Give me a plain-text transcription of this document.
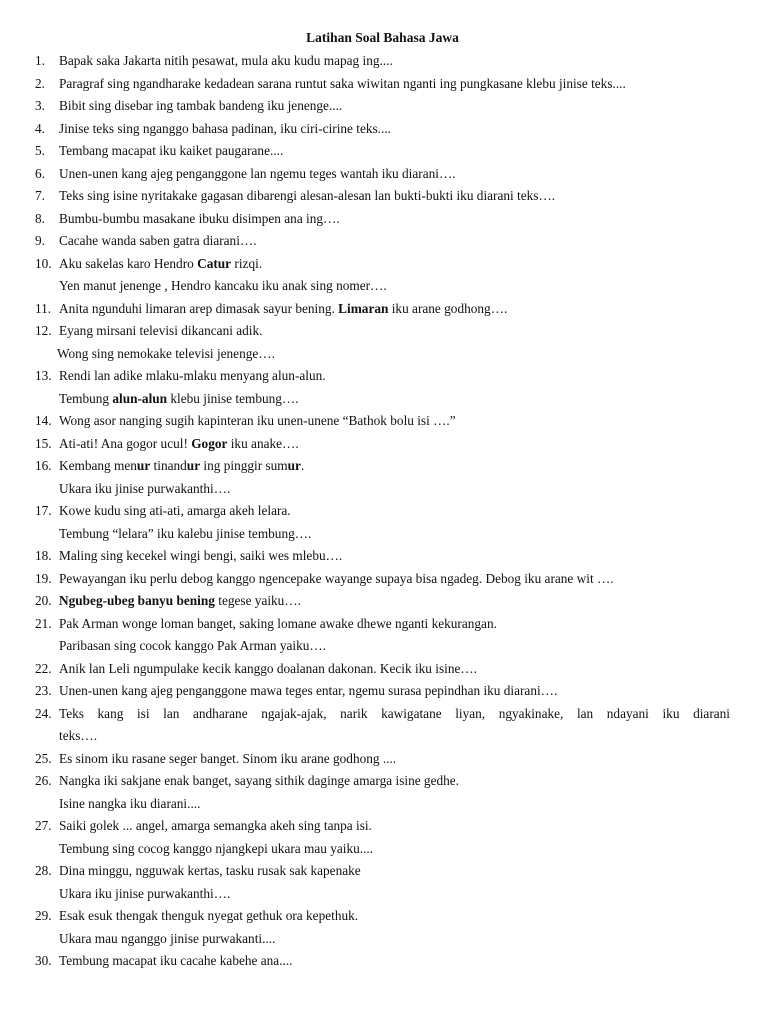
Latihan Soal Bahasa Jawa
1.	Bapak saka Jakarta nitih pesawat, mula aku kudu mapag ing....
2.	Paragraf sing ngandharake kedadean sarana runtut saka wiwitan nganti ing pungkasane klebu jinise teks....
3.	Bibit sing disebar ing tambak bandeng iku jenenge....
4.	Jinise teks sing nganggo bahasa padinan, iku ciri-cirine teks....
5.	Tembang macapat iku kaiket paugarane....
6.	Unen-unen kang ajeg penganggone lan ngemu teges wantah iku diarani….
7.	Teks sing isine nyritakake gagasan dibarengi alesan-alesan lan bukti-bukti iku diarani teks….
8.	Bumbu-bumbu masakane ibuku disimpen ana ing….
9.	Cacahe wanda saben gatra diarani….
10. Aku sakelas karo Hendro Catur rizqi.
Yen manut jenenge , Hendro kancaku iku anak sing nomer….
11. Anita ngunduhi limaran arep dimasak sayur bening. Limaran iku arane godhong….
12. Eyang mirsani televisi dikancani adik.
Wong sing nemokake televisi jenenge….
13. Rendi lan adike mlaku-mlaku menyang alun-alun.
Tembung alun-alun klebu jinise tembung….
14. Wong asor nanging sugih kapinteran iku unen-unene “Bathok bolu isi ….”
15. Ati-ati! Ana gogor ucul! Gogor iku anake….
16. Kembang menur tinandur ing pinggir sumur.
Ukara iku jinise purwakanthi….
17. Kowe kudu sing ati-ati, amarga akeh lelara.
Tembung “lelara” iku kalebu jinise tembung….
18. Maling sing kecekel wingi bengi, saiki wes mlebu….
19. Pewayangan iku perlu debog kanggo ngencepake wayange supaya bisa ngadeg. Debog iku arane wit ….
20. Ngubeg-ubeg banyu bening tegese yaiku….
21. Pak Arman wonge loman banget, saking lomane awake dhewe nganti kekurangan.
Paribasan sing cocok kanggo Pak Arman yaiku….
22. Anik lan Leli ngumpulake kecik kanggo doalanan dakonan. Kecik iku isine….
23. Unen-unen kang ajeg penganggone mawa teges entar, ngemu surasa pepindhan iku diarani….
24. Teks kang isi lan andharane ngajak-ajak, narik kawigatane liyan, ngyakinake, lan ndayani iku diarani
teks….
25. Es sinom iku rasane seger banget. Sinom iku arane godhong ....
26. Nangka iki sakjane enak banget, sayang sithik daginge amarga isine gedhe.
Isine nangka iku diarani....
27. Saiki golek ... angel, amarga semangka akeh sing tanpa isi.
Tembung sing cocog kanggo njangkepi ukara mau yaiku....
28. Dina minggu, ngguwak kertas, tasku rusak sak kapenake
Ukara iku jinise purwakanthi….
29. Esak esuk thengak thenguk nyegat gethuk ora kepethuk.
Ukara mau nganggo jinise purwakanti....
30. Tembung macapat iku cacahe kabehe ana....
